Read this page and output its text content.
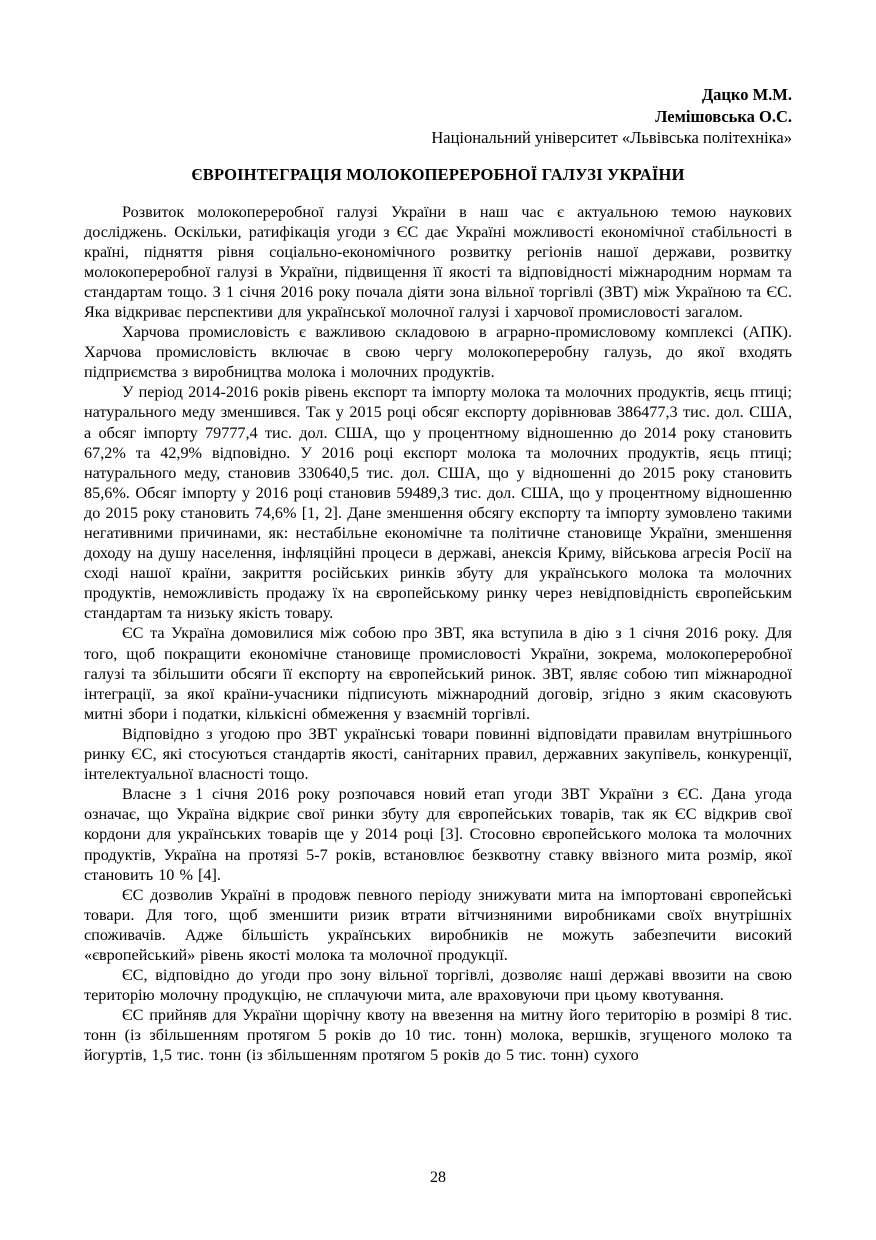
Дацко М.М.
Лемішовська О.С.
Національний університет «Львівська політехніка»
ЄВРОІНТЕГРАЦІЯ МОЛОКОПЕРЕРОБНОЇ ГАЛУЗІ УКРАЇНИ

Розвиток молокопереробної галузі України в наш час є актуальною темою наукових досліджень. Оскільки, ратифікація угоди з ЄС дає Україні можливості економічної стабільності в країні, підняття рівня соціально-економічного розвитку регіонів нашої держави, розвитку молокопереробної галузі в України, підвищення її якості та відповідності міжнародним нормам та стандартам тощо. З 1 січня 2016 року почала діяти зона вільної торгівлі (ЗВТ) між Україною та ЄС. Яка відкриває перспективи для української молочної галузі і харчової промисловості загалом.

Харчова промисловість є важливою складовою в аграрно-промисловому комплексі (АПК). Харчова промисловість включає в свою чергу молокопереробну галузь, до якої входять підприємства з виробництва молока і молочних продуктів.

У період 2014-2016 років рівень експорт та імпорту молока та молочних продуктів, яєць птиці; натурального меду зменшився. Так у 2015 році обсяг експорту дорівнював 386477,3 тис. дол. США, а обсяг імпорту 79777,4 тис. дол. США, що у процентному відношенню до 2014 року становить 67,2% та 42,9% відповідно. У 2016 році експорт молока та молочних продуктів, яєць птиці; натурального меду, становив 330640,5 тис. дол. США, що у відношенні до 2015 року становить 85,6%. Обсяг імпорту у 2016 році становив 59489,3 тис. дол. США, що у процентному відношенню до 2015 року становить 74,6% [1, 2]. Дане зменшення обсягу експорту та імпорту зумовлено такими негативними причинами, як: нестабільне економічне та політичне становище України, зменшення доходу на душу населення, інфляційні процеси в державі, анексія Криму, військова агресія Росії на сході нашої країни, закриття російських ринків збуту для українського молока та молочних продуктів, неможливість продажу їх на європейському ринку через невідповідність європейським стандартам та низьку якість товару.

ЄС та Україна домовилися між собою про ЗВТ, яка вступила в дію з 1 січня 2016 року. Для того, щоб покращити економічне становище промисловості України, зокрема, молокопереробної галузі та збільшити обсяги її експорту на європейський ринок. ЗВТ, являє собою тип міжнародної інтеграції, за якої країни-учасники підписують міжнародний договір, згідно з яким скасовують митні збори і податки, кількісні обмеження у взаємній торгівлі.

Відповідно з угодою про ЗВТ українські товари повинні відповідати правилам внутрішнього ринку ЄС, які стосуються стандартів якості, санітарних правил, державних закупівель, конкуренції, інтелектуальної власності тощо.

Власне з 1 січня 2016 року розпочався новий етап угоди ЗВТ України з ЄС. Дана угода означає, що Україна відкриє свої ринки збуту для європейських товарів, так як ЄС відкрив свої кордони для українських товарів ще у 2014 році [3]. Стосовно європейського молока та молочних продуктів, Україна на протязі 5-7 років, встановлює безквотну ставку ввізного мита розмір, якої становить 10 % [4].

ЄС дозволив Україні в продовж певного періоду знижувати мита на імпортовані європейські товари. Для того, щоб зменшити ризик втрати вітчизняними виробниками своїх внутрішніх споживачів. Адже більшість українських виробників не можуть забезпечити високий «європейський» рівень якості молока та молочної продукції.

ЄС, відповідно до угоди про зону вільної торгівлі, дозволяє наші державі ввозити на свою територію молочну продукцію, не сплачуючи мита, але враховуючи при цьому квотування.

ЄС прийняв для України щорічну квоту на ввезення на митну його територію в розмірі 8 тис. тонн (із збільшенням протягом 5 років до 10 тис. тонн) молока, вершків, згущеного молоко та йогуртів, 1,5 тис. тонн (із збільшенням протягом 5 років до 5 тис. тонн) сухого

28
